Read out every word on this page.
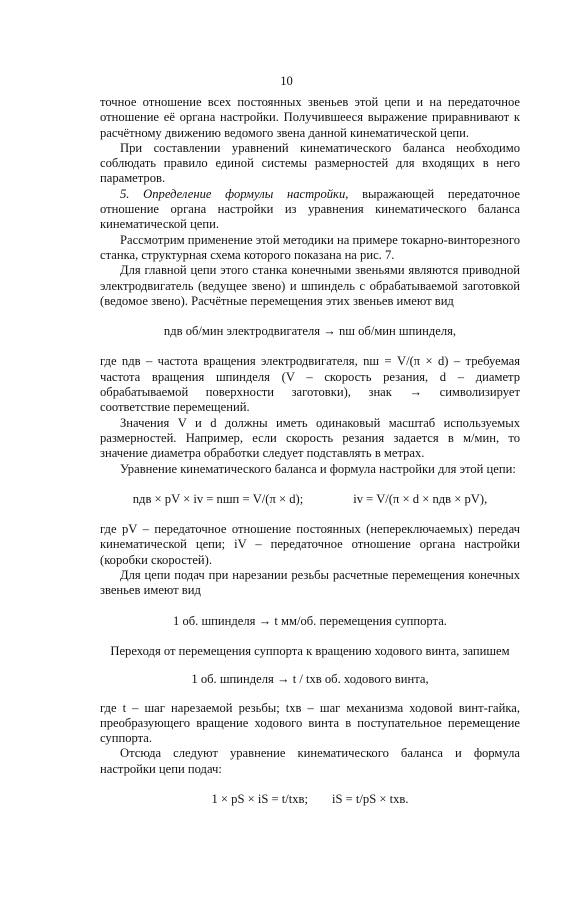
10

точное отношение всех постоянных звеньев этой цепи и на передаточное отношение её органа настройки. Получившееся выражение приравнивают к расчётному движению ведомого звена данной кинематической цепи.

При составлении уравнений кинематического баланса необходимо соблюдать правило единой системы размерностей для входящих в него параметров.

5. Определение формулы настройки, выражающей передаточное отношение органа настройки из уравнения кинематического баланса кинематической цепи.

Рассмотрим применение этой методики на примере токарно-винторезного станка, структурная схема которого показана на рис. 7.

Для главной цепи этого станка конечными звеньями являются приводной электродвигатель (ведущее звено) и шпиндель с обрабатываемой заготовкой (ведомое звено). Расчётные перемещения этих звеньев имеют вид

nдв об/мин электродвигателя → nш об/мин шпинделя,

где nдв – частота вращения электродвигателя, nш = V/(π × d) – требуемая частота вращения шпинделя (V – скорость резания, d – диаметр обрабатываемой поверхности заготовки), знак → символизирует соответствие перемещений.

Значения V и d должны иметь одинаковый масштаб используемых размерностей. Например, если скорость резания задается в м/мин, то значение диаметра обработки следует подставлять в метрах.

Уравнение кинематического баланса и формула настройки для этой цепи:

nдв × pV × iv = nшп = V/(π × d);	iv = V/(π × d × nдв × pV),

где pV – передаточное отношение постоянных (непереключаемых) передач кинематической цепи; iV – передаточное отношение органа настройки (коробки скоростей).

Для цепи подач при нарезании резьбы расчетные перемещения конечных звеньев имеют вид

1 об. шпинделя → t мм/об. перемещения суппорта.
Переходя от перемещения суппорта к вращению ходового винта, запишем
1 об. шпинделя → t / tхв об. ходового винта,

где t – шаг нарезаемой резьбы; tхв – шаг механизма ходовой винт-гайка, преобразующего вращение ходового винта в поступательное перемещение суппорта.

Отсюда следуют уравнение кинематического баланса и формула настройки цепи подач:

1 × pS × iS = t/tхв; iS = t/pS × tхв.
